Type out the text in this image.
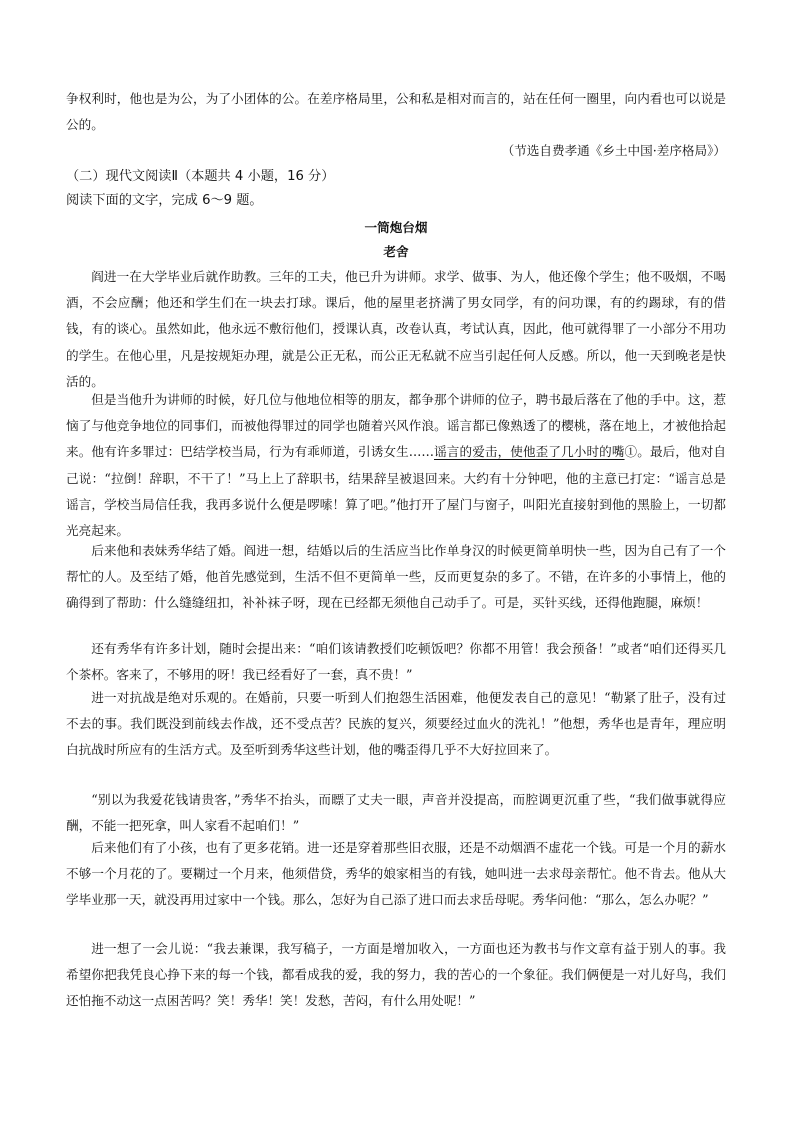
争权利时，他也是为公，为了小团体的公。在差序格局里，公和私是相对而言的，站在任何一圈里，向内看也可以说是公的。

（节选自费孝通《乡土中国·差序格局》）

（二）现代文阅读Ⅱ（本题共 4 小题，16 分）

阅读下面的文字，完成 6～9 题。

一筒炮台烟

老舍

阎进一在大学毕业后就作助教。三年的工夫，他已升为讲师。求学、做事、为人，他还像个学生；他不吸烟，不喝酒，不会应酬；他还和学生们在一块去打球。课后，他的屋里老挤满了男女同学，有的问功课，有的约踢球，有的借钱，有的谈心。虽然如此，他永远不敷衍他们，授课认真，改卷认真，考试认真，因此，他可就得罪了一小部分不用功的学生。在他心里，凡是按规矩办理，就是公正无私，而公正无私就不应当引起任何人反感。所以，他一天到晚老是快活的。

但是当他升为讲师的时候，好几位与他地位相等的朋友，都争那个讲师的位子，聘书最后落在了他的手中。这，惹恼了与他竞争地位的同事们，而被他得罪过的同学也随着兴风作浪。谣言都已像熟透了的樱桃，落在地上，才被他拾起来。他有许多罪过：巴结学校当局，行为有乖师道，引诱女生……谣言的爱击，使他歪了几小时的嘴①。最后，他对自己说：“拉倒！辞职，不干了！”马上上了辞职书，结果辞呈被退回来。大约有十分钟吧，他的主意已打定：“谣言总是谣言，学校当局信任我，我再多说什么便是啰嗦！算了吧。”他打开了屋门与窗子，叫阳光直接射到他的黑脸上，一切都光亮起来。

后来他和表妹秀华结了婚。阎进一想，结婚以后的生活应当比作单身汉的时候更简单明快一些，因为自己有了一个帮忙的人。及至结了婚，他首先感觉到，生活不但不更简单一些，反而更复杂的多了。不错，在许多的小事情上，他的确得到了帮助：什么缝缝纽扣，补补袜子呀，现在已经都无须他自己动手了。可是，买针买线，还得他跑腿，麻烦！

还有秀华有许多计划，随时会提出来：“咱们该请教授们吃顿饭吧？你都不用管！我会预备！”或者“咱们还得买几个茶杯。客来了，不够用的呀！我已经看好了一套，真不贵！”

进一对抗战是绝对乐观的。在婚前，只要一听到人们抱怨生活困难，他便发表自己的意见！“勒紧了肚子，没有过不去的事。我们既没到前线去作战，还不受点苦？民族的复兴，须要经过血火的洗礼！”他想，秀华也是青年，理应明白抗战时所应有的生活方式。及至听到秀华这些计划，他的嘴歪得几乎不大好拉回来了。

“别以为我爱花钱请贵客，”秀华不抬头，而瞟了丈夫一眼，声音并没提高，而腔调更沉重了些，“我们做事就得应酬，不能一把死拿，叫人家看不起咱们！”

后来他们有了小孩，也有了更多花销。进一还是穿着那些旧衣服，还是不动烟酒不虚花一个钱。可是一个月的薪水不够一个月花的了。要糊过一个月来，他须借贷，秀华的娘家相当的有钱，她叫进一去求母亲帮忙。他不肯去。他从大学毕业那一天，就没再用过家中一个钱。那么，怎好为自己添了进口而去求岳母呢。秀华问他：“那么，怎么办呢？”

进一想了一会儿说：“我去兼课，我写稿子，一方面是增加收入，一方面也还为教书与作文章有益于别人的事。我希望你把我凭良心挣下来的每一个钱，都看成我的爱，我的努力，我的苦心的一个象征。我们俩便是一对儿好鸟，我们还怕拖不动这一点困苦吗？笑！秀华！笑！发愁，苦闷，有什么用处呢！”
